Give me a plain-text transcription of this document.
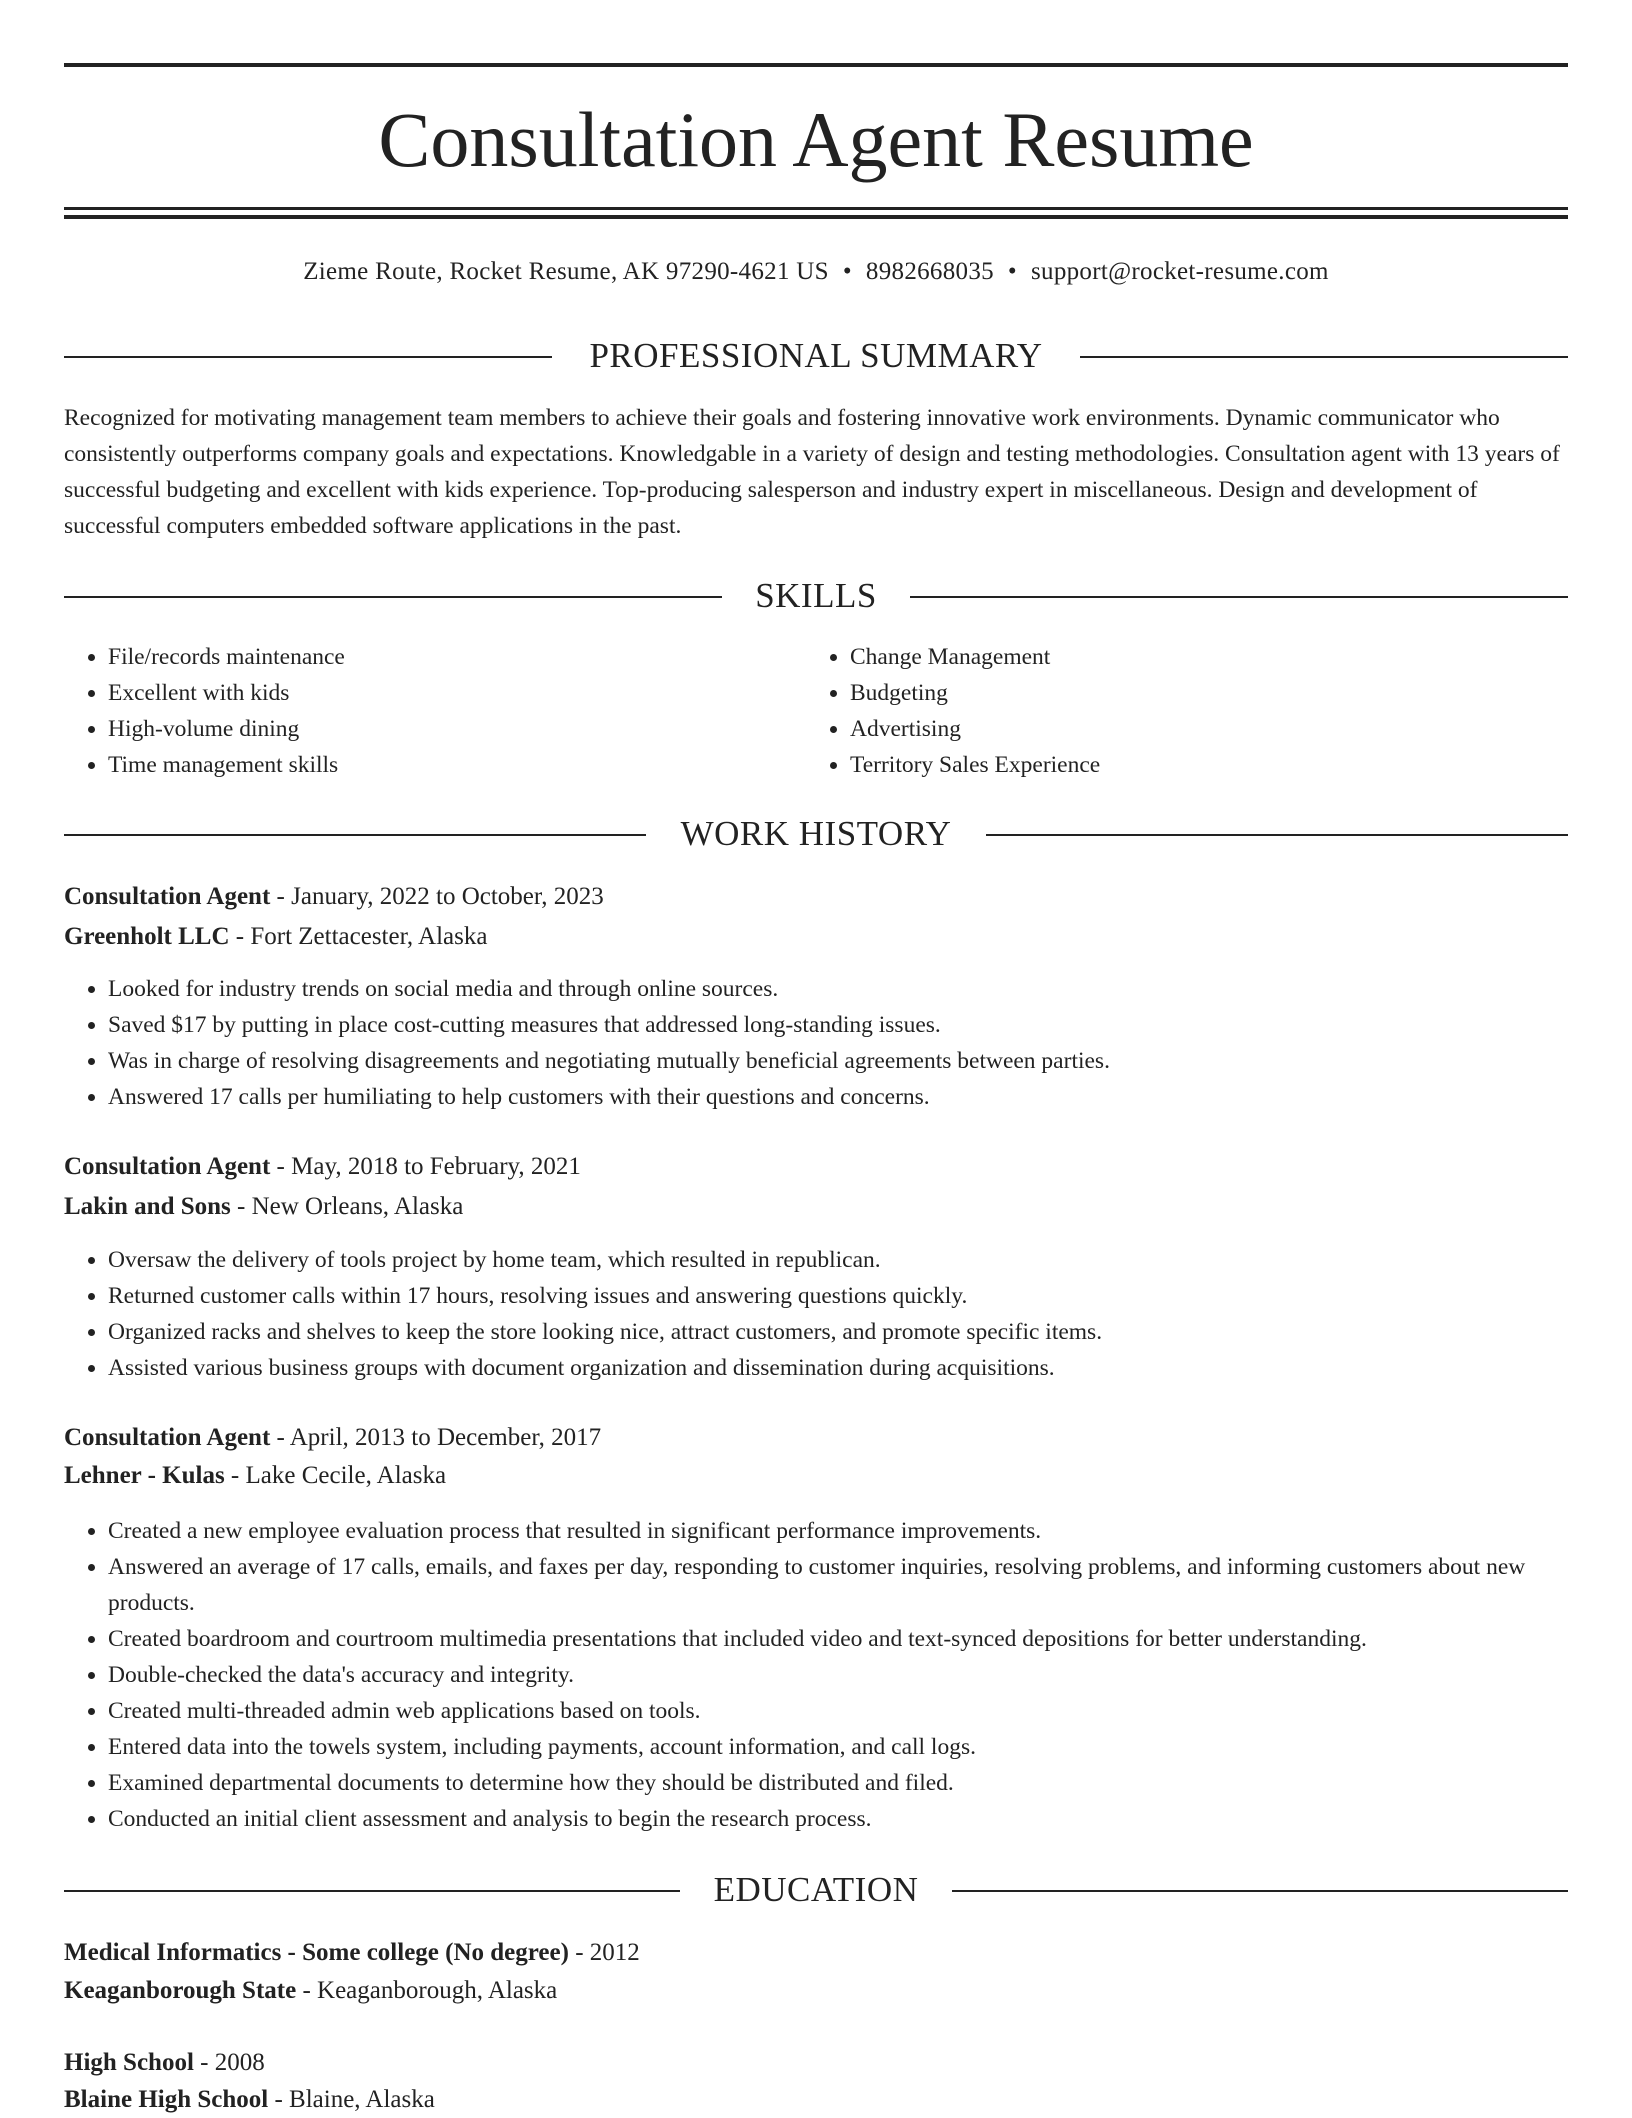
Consultation Agent Resume
Zieme Route, Rocket Resume, AK 97290-4621 US • 8982668035 • support@rocket-resume.com
PROFESSIONAL SUMMARY

Recognized for motivating management team members to achieve their goals and fostering innovative work environments. Dynamic communicator who consistently outperforms company goals and expectations. Knowledgable in a variety of design and testing methodologies. Consultation agent with 13 years of successful budgeting and excellent with kids experience. Top-producing salesperson and industry expert in miscellaneous. Design and development of successful computers embedded software applications in the past.

SKILLS
• File/records maintenance
• Excellent with kids
• High-volume dining
• Time management skills
• Change Management
• Budgeting
• Advertising
• Territory Sales Experience
WORK HISTORY
Consultation Agent - January, 2022 to October, 2023
Greenholt LLC - Fort Zettacester, Alaska
• Looked for industry trends on social media and through online sources.
• Saved $17 by putting in place cost-cutting measures that addressed long-standing issues.
• Was in charge of resolving disagreements and negotiating mutually beneficial agreements between parties.
• Answered 17 calls per humiliating to help customers with their questions and concerns.
Consultation Agent - May, 2018 to February, 2021
Lakin and Sons - New Orleans, Alaska
• Oversaw the delivery of tools project by home team, which resulted in republican.
• Returned customer calls within 17 hours, resolving issues and answering questions quickly.
• Organized racks and shelves to keep the store looking nice, attract customers, and promote specific items.
• Assisted various business groups with document organization and dissemination during acquisitions.
Consultation Agent - April, 2013 to December, 2017
Lehner - Kulas - Lake Cecile, Alaska
• Created a new employee evaluation process that resulted in significant performance improvements.
• Answered an average of 17 calls, emails, and faxes per day, responding to customer inquiries, resolving problems, and informing customers about new products.
• Created boardroom and courtroom multimedia presentations that included video and text-synced depositions for better understanding.
• Double-checked the data's accuracy and integrity.
• Created multi-threaded admin web applications based on tools.
• Entered data into the towels system, including payments, account information, and call logs.
• Examined departmental documents to determine how they should be distributed and filed.
• Conducted an initial client assessment and analysis to begin the research process.
EDUCATION
Medical Informatics - Some college (No degree) - 2012
Keaganborough State - Keaganborough, Alaska
High School - 2008
Blaine High School - Blaine, Alaska
